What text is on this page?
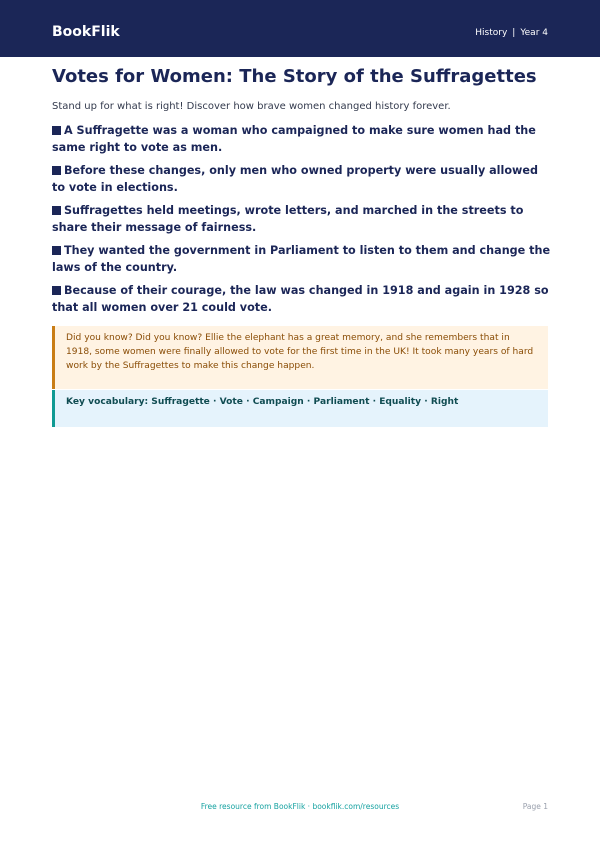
BookFlik	History | Year 4
Votes for Women: The Story of the Suffragettes

Stand up for what is right! Discover how brave women changed history forever.

A Suffragette was a woman who campaigned to make sure women had the same right to vote as men.
Before these changes, only men who owned property were usually allowed to vote in elections.
Suffragettes held meetings, wrote letters, and marched in the streets to share their message of fairness.
They wanted the government in Parliament to listen to them and change the laws of the country.
Because of their courage, the law was changed in 1918 and again in 1928 so that all women over 21 could vote.
Did you know? Did you know? Ellie the elephant has a great memory, and she remembers that in 1918, some women were finally allowed to vote for the first time in the UK! It took many years of hard work by the Suffragettes to make this change happen.
Key vocabulary: Suffragette · Vote · Campaign · Parliament · Equality · Right
Free resource from BookFlik · bookflik.com/resources	Page 1
